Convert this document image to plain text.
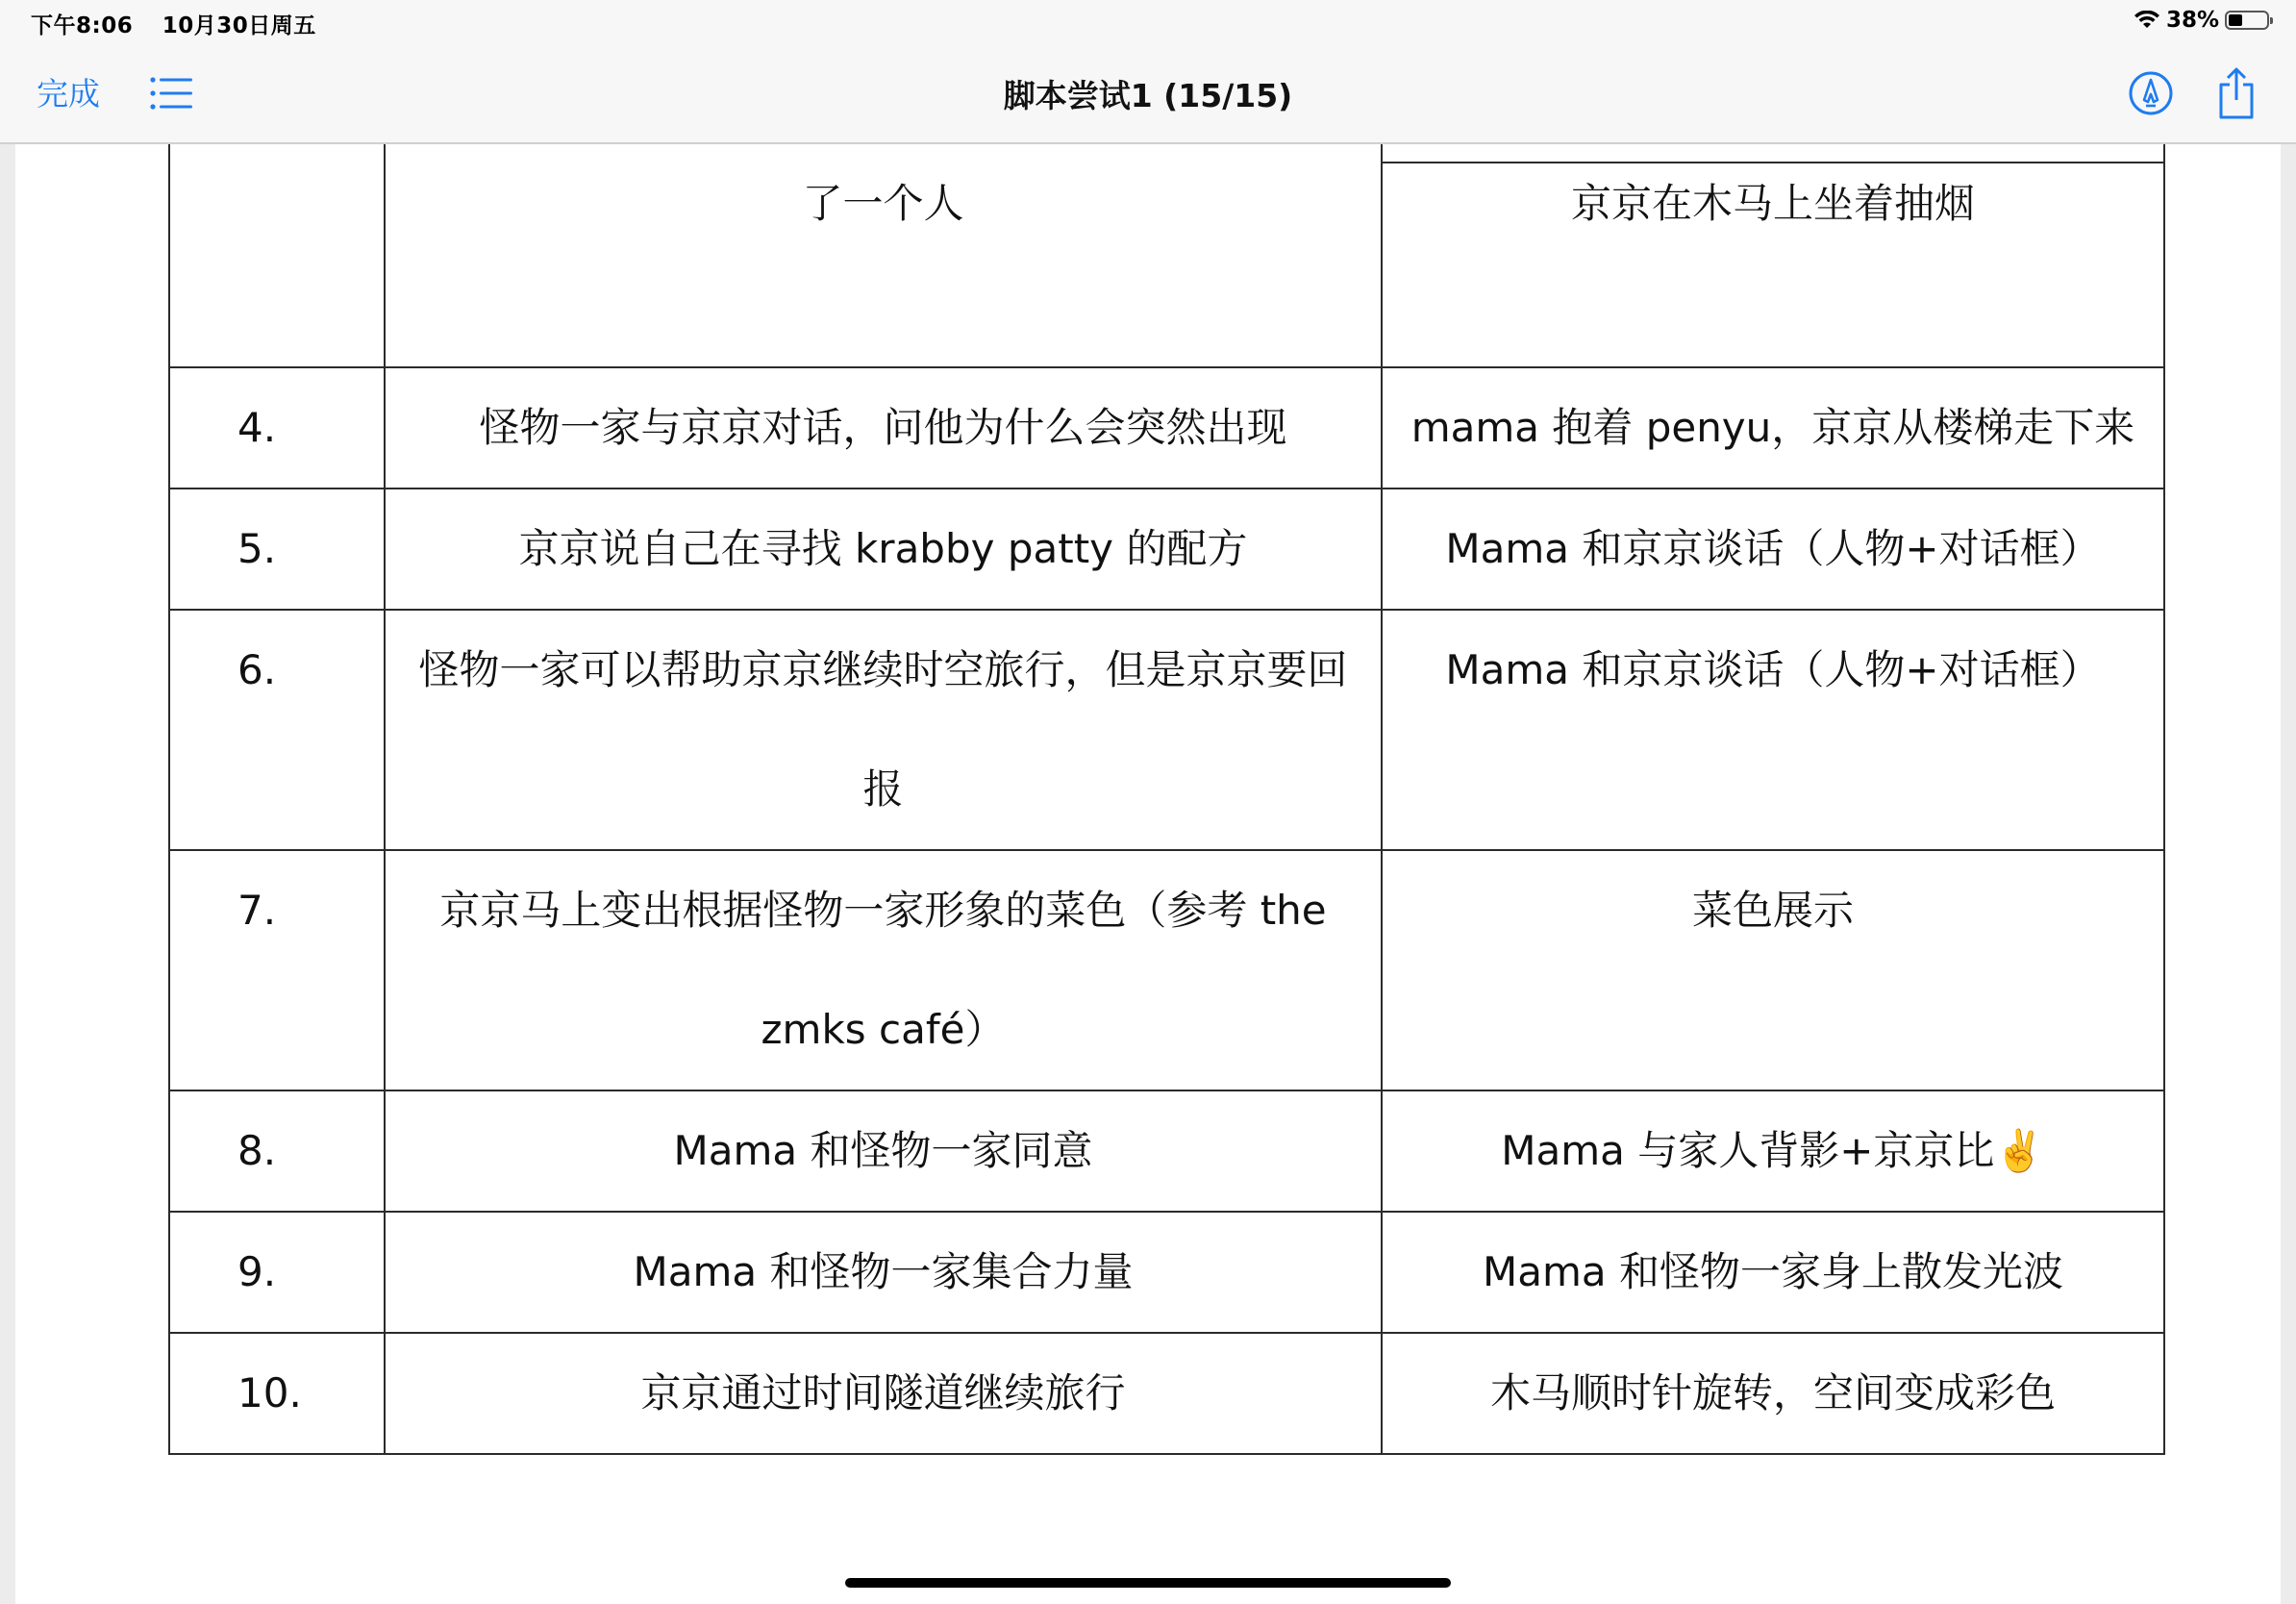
下午8:06 10月30日周五	38%
完成	脚本尝试1 (15/15)
	了一个人	京京在木马上坐着抽烟
4.	怪物一家与京京对话，问他为什么会突然出现	mama 抱着 penyu，京京从楼梯走下来
5.	京京说自己在寻找 krabby patty 的配方	Mama 和京京谈话（人物+对话框）
6.	怪物一家可以帮助京京继续时空旅行，但是京京要回报	Mama 和京京谈话（人物+对话框）
7.	京京马上变出根据怪物一家形象的菜色（参考 the zmks café）	菜色展示
8.	Mama 和怪物一家同意	Mama 与家人背影+京京比✌️
9.	Mama 和怪物一家集合力量	Mama 和怪物一家身上散发光波
10.	京京通过时间隧道继续旅行	木马顺时针旋转，空间变成彩色
